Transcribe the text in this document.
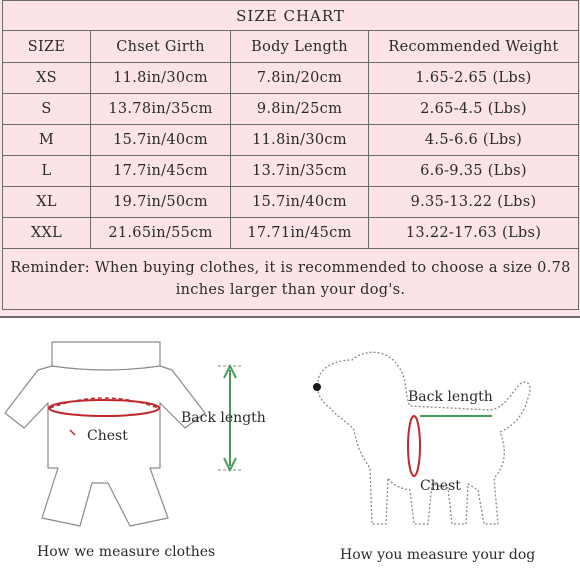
SIZE CHART			
SIZE	Chset Girth	Body Length	Recommended Weight
XS	11.8in/30cm	7.8in/20cm	1.65-2.65 (Lbs)
S	13.78in/35cm	9.8in/25cm	2.65-4.5 (Lbs)
M	15.7in/40cm	11.8in/30cm	4.5-6.6 (Lbs)
L	17.7in/45cm	13.7in/35cm	6.6-9.35 (Lbs)
XL	19.7in/50cm	15.7in/40cm	9.35-13.22 (Lbs)
XXL	21.65in/55cm	17.71in/45cm	13.22-17.63 (Lbs)
Reminder: When buying clothes, it is recommended to choose a size 0.78 inches larger than your dog's.			
Chest
Back length
How we measure clothes
Back length
Chest
How you measure your dog
